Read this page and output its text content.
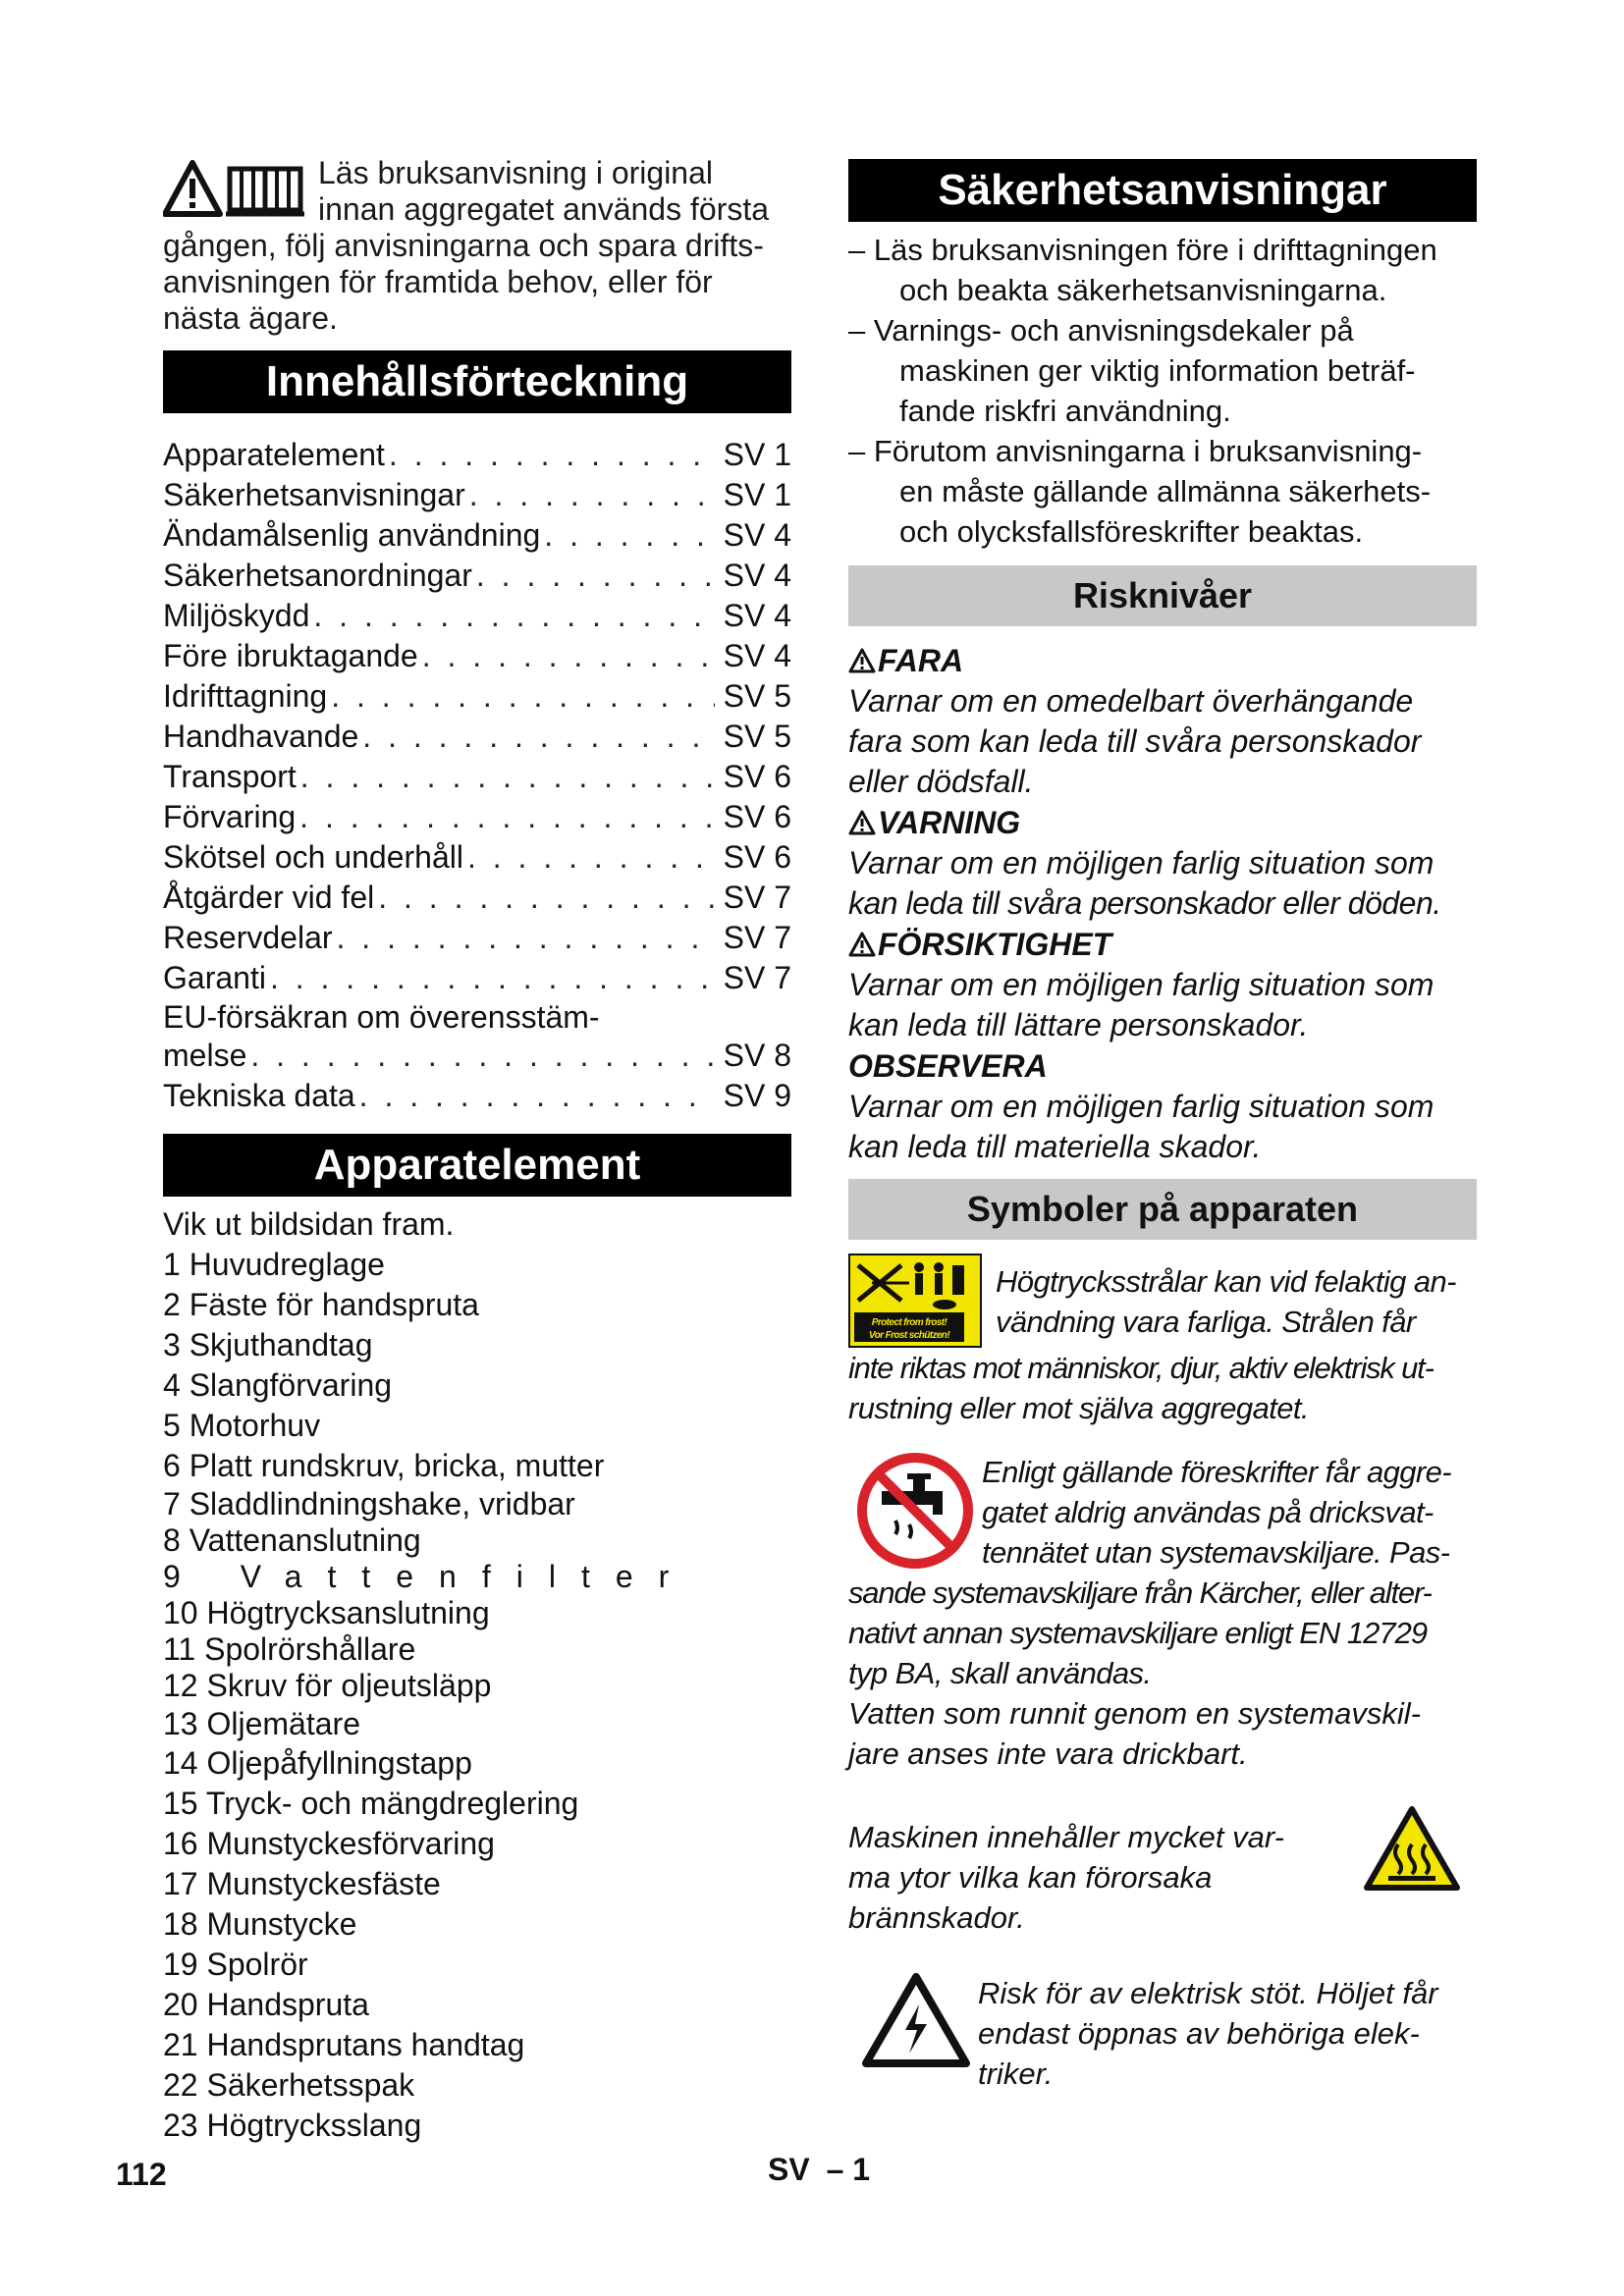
Läs bruksanvisning i original
innan aggregatet används första
gången, följ anvisningarna och spara drifts-
anvisningen för framtida behov, eller för
nästa ägare.
Innehållsförteckning
Apparatelement . . .	SV 1
Säkerhetsanvisningar . . .	SV 1
Ändamålsenlig användning . . .	SV 4
Säkerhetsanordningar . . .	SV 4
Miljöskydd . . .	SV 4
Före ibruktagande . . .	SV 4
Idrifttagning . . .	SV 5
Handhavande . . .	SV 5
Transport . . .	SV 6
Förvaring . . .	SV 6
Skötsel och underhåll . . .	SV 6
Åtgärder vid fel . . .	SV 7
Reservdelar . . .	SV 7
Garanti . . .	SV 7
EU-försäkran om överensstäm-
melse . . .	SV 8
Tekniska data . . .	SV 9
Apparatelement
Vik ut bildsidan fram.
1 Huvudreglage
2 Fäste för handspruta
3 Skjuthandtag
4 Slangförvaring
5 Motorhuv
6 Platt rundskruv, bricka, mutter
7 Sladdlindningshake, vridbar
8 Vattenanslutning
9 Vattenfilter
10 Högtrycksanslutning
11 Spolrörshållare
12 Skruv för oljeutsläpp
13 Oljemätare
14 Oljepåfyllningstapp
15 Tryck- och mängdreglering
16 Munstyckesförvaring
17 Munstyckesfäste
18 Munstycke
19 Spolrör
20 Handspruta
21 Handsprutans handtag
22 Säkerhetsspak
23 Högtrycksslang
Säkerhetsanvisningar
– Läs bruksanvisningen före i drifttagningen
och beakta säkerhetsanvisningarna.
– Varnings- och anvisningsdekaler på
maskinen ger viktig information beträf-
fande riskfri användning.
– Förutom anvisningarna i bruksanvisning-
en måste gällande allmänna säkerhets-
och olycksfallsföreskrifter beaktas.
Risknivåer
FARA
Varnar om en omedelbart överhängande
fara som kan leda till svåra personskador
eller dödsfall.
VARNING
Varnar om en möjligen farlig situation som
kan leda till svåra personskador eller döden.
FÖRSIKTIGHET
Varnar om en möjligen farlig situation som
kan leda till lättare personskador.
OBSERVERA
Varnar om en möjligen farlig situation som
kan leda till materiella skador.
Symboler på apparaten
Protect from frost!
Vor Frost schützen!
Högtrycksstrålar kan vid felaktig an-
vändning vara farliga. Strålen får
inte riktas mot människor, djur, aktiv elektrisk ut-
rustning eller mot själva aggregatet.
Enligt gällande föreskrifter får aggre-
gatet aldrig användas på dricksvat-
tennätet utan systemavskiljare. Pas-
sande systemavskiljare från Kärcher, eller alter-
nativt annan systemavskiljare enligt EN 12729
typ BA, skall användas.
Vatten som runnit genom en systemavskil-
jare anses inte vara drickbart.
Maskinen innehåller mycket var-
ma ytor vilka kan förorsaka
brännskador.
Risk för av elektrisk stöt. Höljet får
endast öppnas av behöriga elek-
triker.
112	SV – 1
